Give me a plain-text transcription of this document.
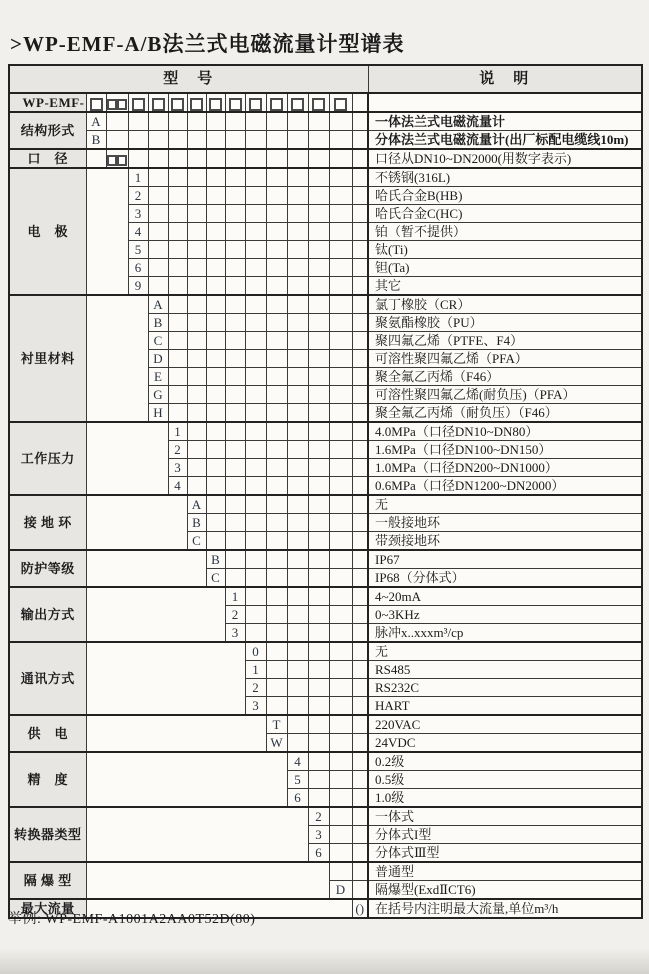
>WP-EMF-A/B法兰式电磁流量计型谱表
型　号															说　明
WP-EMF-															
结构形式	A														一体法兰式电磁流量计
	B														分体法兰式电磁流量计(出厂标配电缆线10m)
口　径															口径从DN10~DN2000(用数字表示)
电　极			1												不锈钢(316L)
			2												哈氏合金B(HB)
			3												哈氏合金C(HC)
			4												铂（暂不提供）
			5												钛(Ti)
			6												钽(Ta)
			9												其它
衬里材料				A											氯丁橡胶（CR）
				B											聚氨酯橡胶（PU）
				C											聚四氟乙烯（PTFE、F4）
				D											可溶性聚四氟乙烯（PFA）
				E											聚全氟乙丙烯（F46）
				G											可溶性聚四氟乙烯(耐负压)（PFA）
				H											聚全氟乙丙烯（耐负压）（F46）
工作压力					1										4.0MPa（口径DN10~DN80）
					2										1.6MPa（口径DN100~DN150）
					3										1.0MPa（口径DN200~DN1000）
					4										0.6MPa（口径DN1200~DN2000）
接 地 环						A									无
						B									一般接地环
						C									带颈接地环
防护等级							B								IP67
							C								IP68（分体式）
输出方式								1							4~20mA
								2							0~3KHz
								3							脉冲x..xxxm³/cp
通讯方式									0						无
									1						RS485
									2						RS232C
									3						HART
供　电										T					220VAC
										W					24VDC
精　度											4				0.2级
											5				0.5级
											6				1.0级
转换器类型												2			一体式
												3			分体式I型
												6			分体式Ⅲ型
隔 爆 型															普通型
													D		隔爆型(ExdⅡCT6)
最大流量														()	在括号内注明最大流量,单位m³/h
举例: WP-EMF-A1001A2AA0T52D(80)
